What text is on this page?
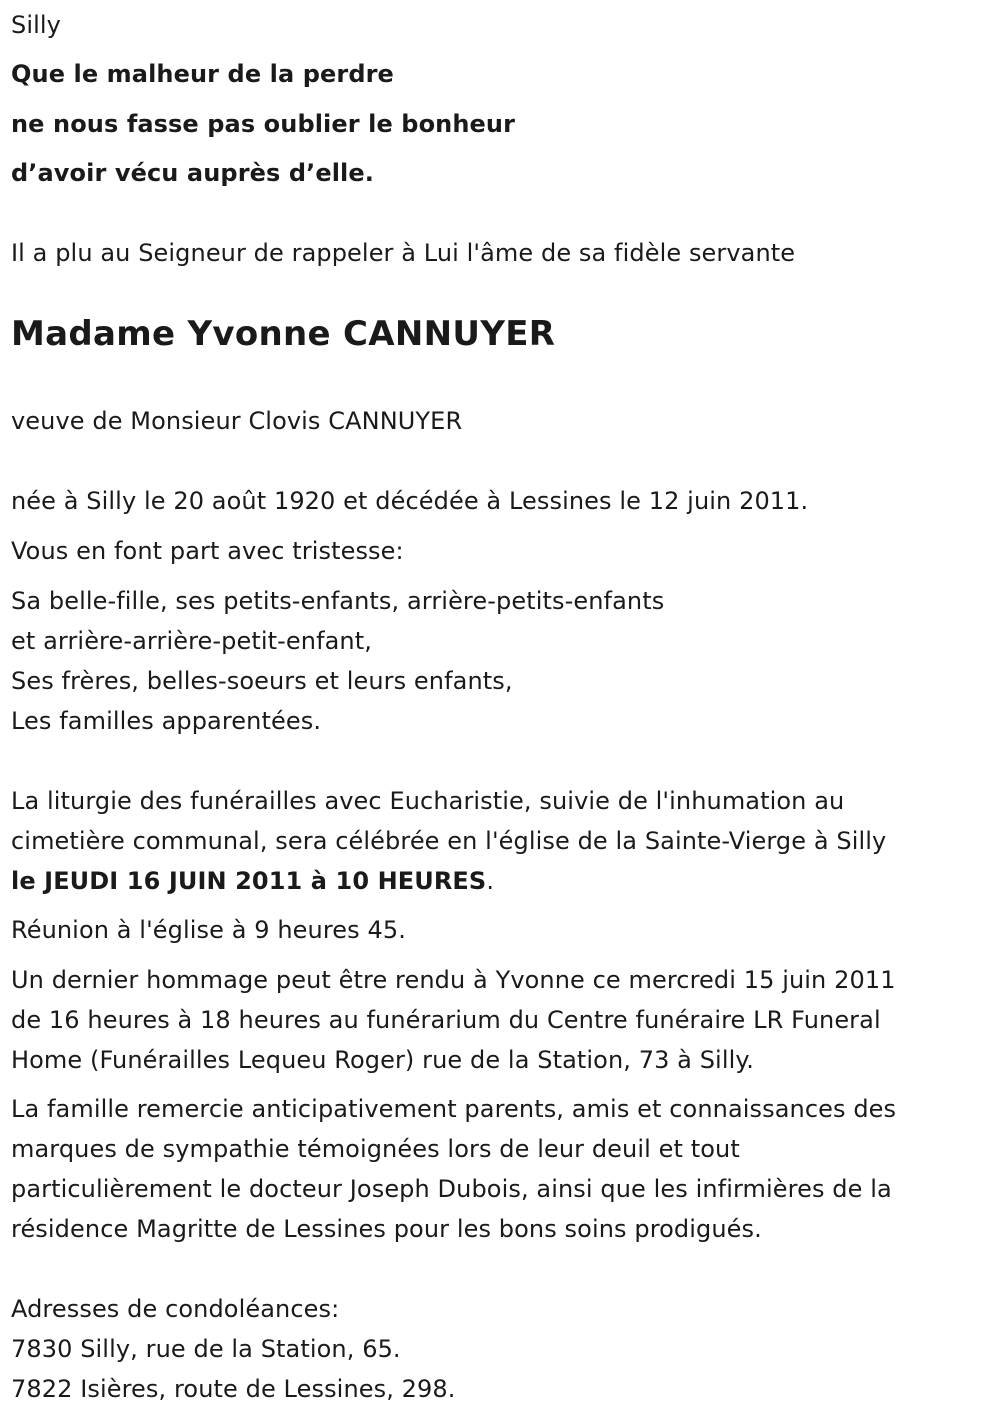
Silly
Que le malheur de la perdre
ne nous fasse pas oublier le bonheur
d’avoir vécu auprès d’elle.
Il a plu au Seigneur de rappeler à Lui l'âme de sa fidèle servante
Madame Yvonne CANNUYER
veuve de Monsieur Clovis CANNUYER
née à Silly le 20 août 1920 et décédée à Lessines le 12 juin 2011.
Vous en font part avec tristesse:
Sa belle-fille, ses petits-enfants, arrière-petits-enfants
et arrière-arrière-petit-enfant,
Ses frères, belles-soeurs et leurs enfants,
Les familles apparentées.
La liturgie des funérailles avec Eucharistie, suivie de l'inhumation au
cimetière communal, sera célébrée en l'église de la Sainte-Vierge à Silly
le JEUDI 16 JUIN 2011 à 10 HEURES.
Réunion à l'église à 9 heures 45.
Un dernier hommage peut être rendu à Yvonne ce mercredi 15 juin 2011
de 16 heures à 18 heures au funérarium du Centre funéraire LR Funeral
Home (Funérailles Lequeu Roger) rue de la Station, 73 à Silly.
La famille remercie anticipativement parents, amis et connaissances des
marques de sympathie témoignées lors de leur deuil et tout
particulièrement le docteur Joseph Dubois, ainsi que les infirmières de la
résidence Magritte de Lessines pour les bons soins prodigués.
Adresses de condoléances:
7830 Silly, rue de la Station, 65.
7822 Isières, route de Lessines, 298.
